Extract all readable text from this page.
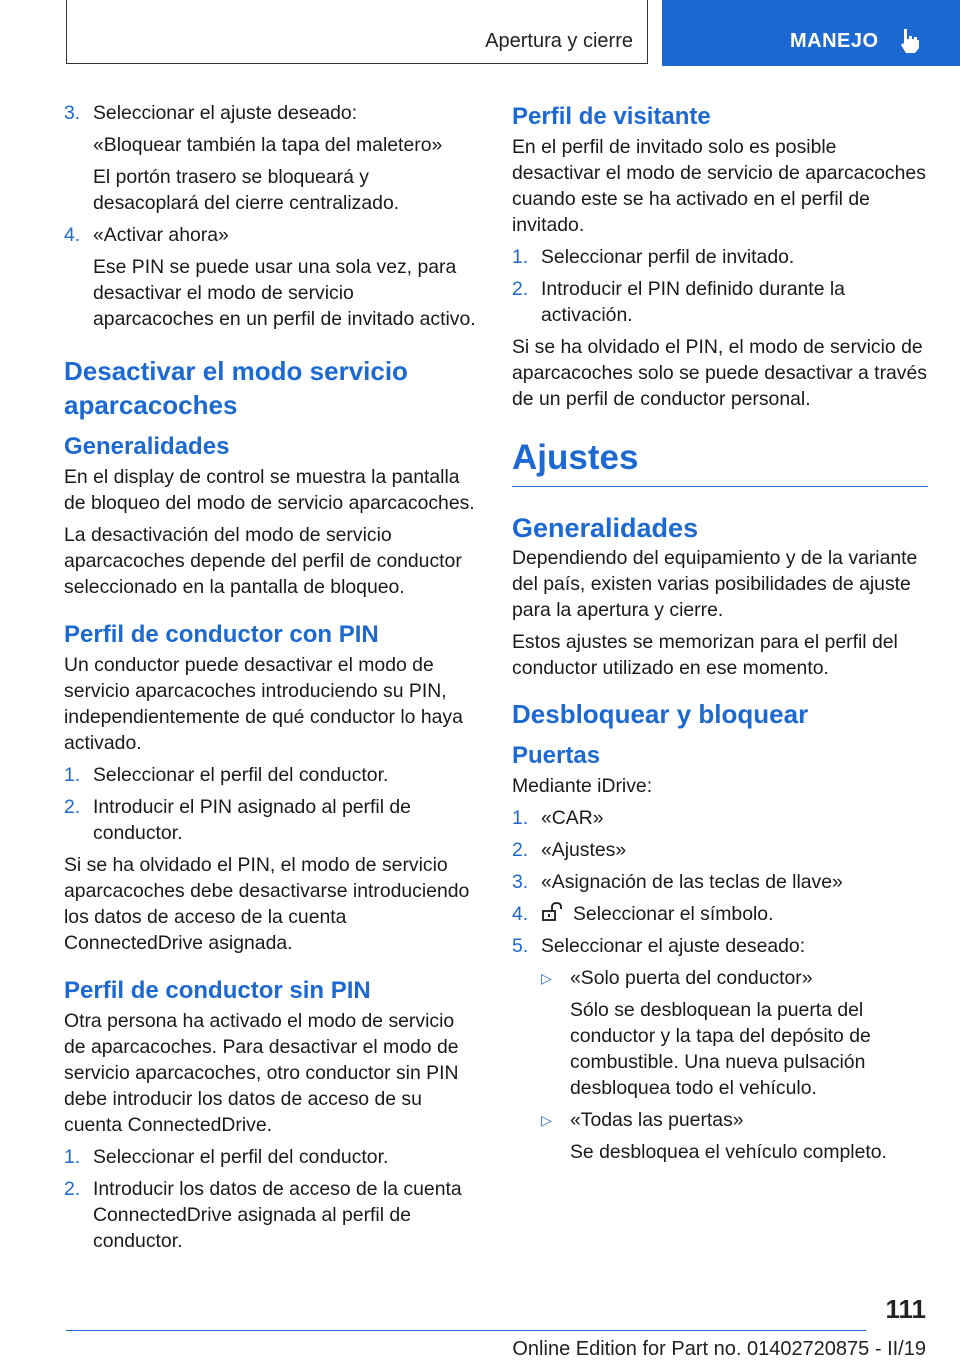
Apertura y cierre	MANEJO
3. Seleccionar el ajuste deseado:
«Bloquear también la tapa del maletero»
El portón trasero se bloqueará y desacoplará del cierre centralizado.
4. «Activar ahora»
Ese PIN se puede usar una sola vez, para desactivar el modo de servicio aparcacoches en un perfil de invitado activo.
Desactivar el modo servicio aparcacoches
Generalidades

En el display de control se muestra la pantalla de bloqueo del modo de servicio aparcacoches.

La desactivación del modo de servicio aparcacoches depende del perfil de conductor seleccionado en la pantalla de bloqueo.

Perfil de conductor con PIN

Un conductor puede desactivar el modo de servicio aparcacoches introduciendo su PIN, independientemente de qué conductor lo haya activado.

1. Seleccionar el perfil del conductor.
2. Introducir el PIN asignado al perfil de conductor.

Si se ha olvidado el PIN, el modo de servicio aparcacoches debe desactivarse introduciendo los datos de acceso de la cuenta ConnectedDrive asignada.

Perfil de conductor sin PIN

Otra persona ha activado el modo de servicio de aparcacoches. Para desactivar el modo de servicio aparcacoches, otro conductor sin PIN debe introducir los datos de acceso de su cuenta ConnectedDrive.

1. Seleccionar el perfil del conductor.
2. Introducir los datos de acceso de la cuenta ConnectedDrive asignada al perfil de conductor.
Perfil de visitante

En el perfil de invitado solo es posible desactivar el modo de servicio de aparcacoches cuando este se ha activado en el perfil de invitado.

1. Seleccionar perfil de invitado.
2. Introducir el PIN definido durante la activación.

Si se ha olvidado el PIN, el modo de servicio de aparcacoches solo se puede desactivar a través de un perfil de conductor personal.

Ajustes
Generalidades

Dependiendo del equipamiento y de la variante del país, existen varias posibilidades de ajuste para la apertura y cierre.

Estos ajustes se memorizan para el perfil del conductor utilizado en ese momento.

Desbloquear y bloquear
Puertas

Mediante iDrive:

1. «CAR»
2. «Ajustes»
3. «Asignación de las teclas de llave»
4. Seleccionar el símbolo.
5. Seleccionar el ajuste deseado:
▷ «Solo puerta del conductor»
Sólo se desbloquean la puerta del conductor y la tapa del depósito de combustible. Una nueva pulsación desbloquea todo el vehículo.
▷ «Todas las puertas»
Se desbloquea el vehículo completo.
111
Online Edition for Part no. 01402720875 - II/19
